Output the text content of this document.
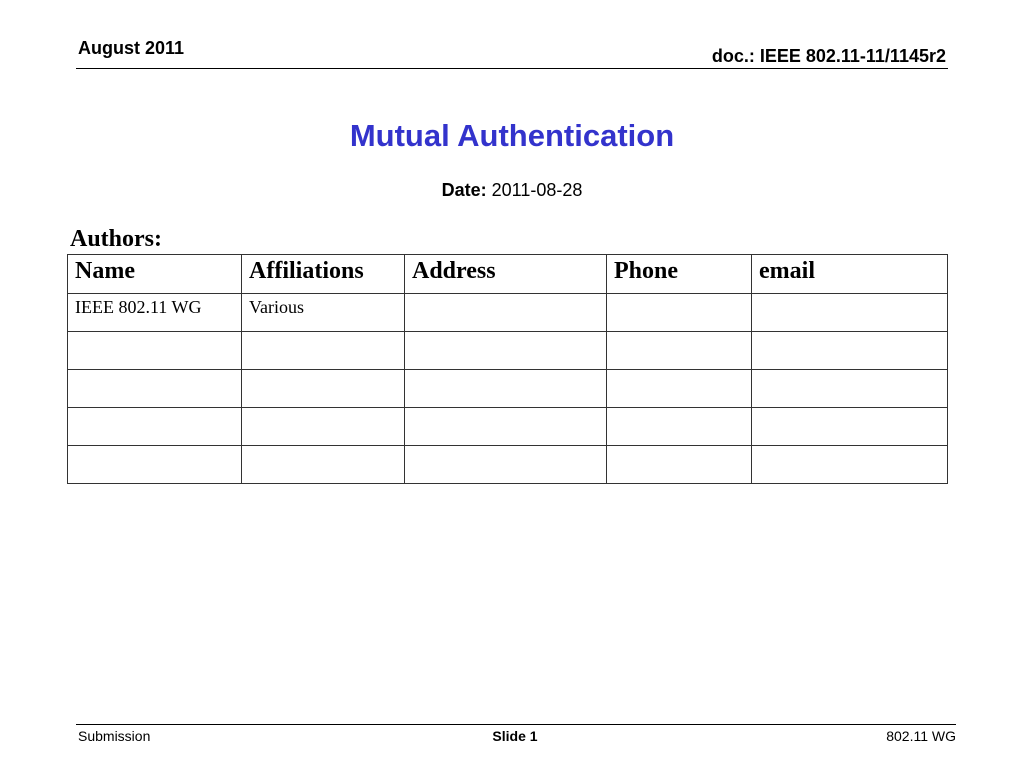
August 2011	doc.: IEEE 802.11-11/1145r2
Mutual Authentication
Date: 2011-08-28
Authors:
Name	Affiliations	Address	Phone	email
IEEE 802.11 WG	Various			

Submission	Slide 1	802.11 WG
